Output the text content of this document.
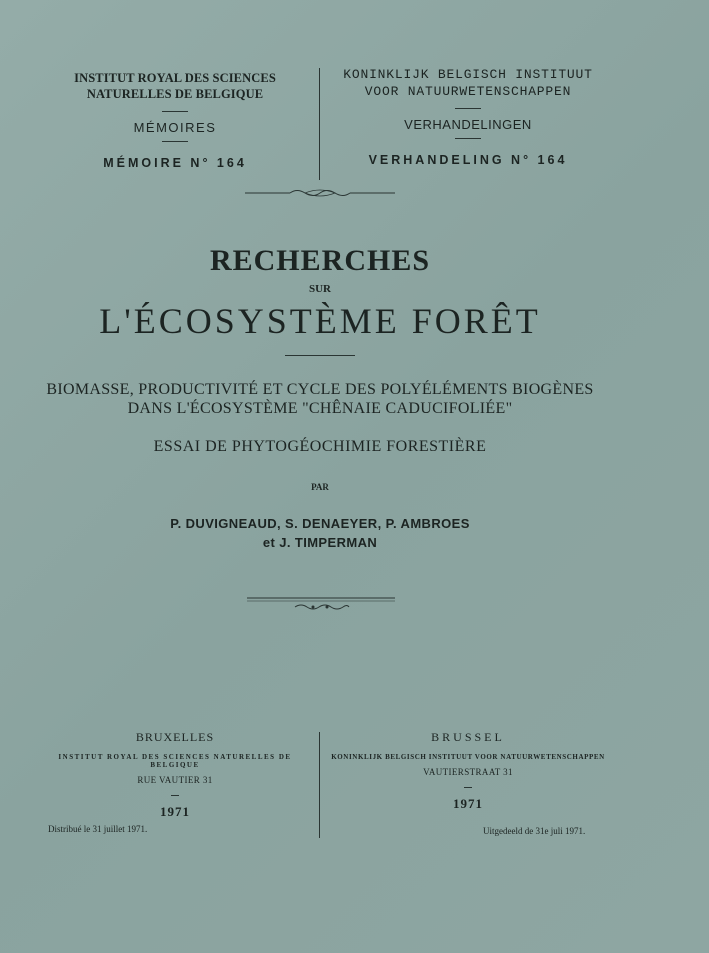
INSTITUT ROYAL DES SCIENCES NATURELLES DE BELGIQUE
MÉMOIRES
MÉMOIRE N° 164
KONINKLIJK BELGISCH INSTITUUT
VOOR NATUURWETENSCHAPPEN
VERHANDELINGEN
VERHANDELING N° 164
RECHERCHES
SUR
L'ÉCOSYSTÈME FORÊT
BIOMASSE, PRODUCTIVITÉ ET CYCLE DES POLYÉLÉMENTS BIOGÈNES
DANS L'ÉCOSYSTÈME "CHÊNAIE CADUCIFOLIÉE"
ESSAI DE PHYTOGÉOCHIMIE FORESTIÈRE
PAR
P. DUVIGNEAUD, S. DENAEYER, P. AMBROES
et J. TIMPERMAN
BRUXELLES
INSTITUT ROYAL DES SCIENCES NATURELLES DE BELGIQUE
RUE VAUTIER 31
1971
BRUSSEL
KONINKLIJK BELGISCH INSTITUUT VOOR NATUURWETENSCHAPPEN
VAUTIERSTRAAT 31
1971
Distribué le 31 juillet 1971.	Uitgedeeld de 31e juli 1971.
